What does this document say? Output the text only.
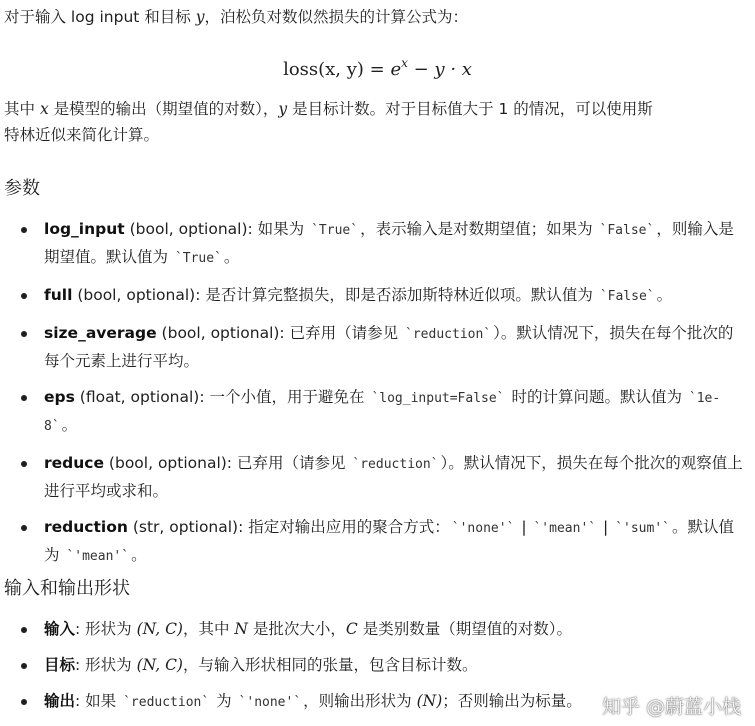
对于输入 log input 和目标 y，泊松负对数似然损失的计算公式为：

loss(x, $y) = e^x - y \cdot x$

其中 x 是模型的输出（期望值的对数），y 是目标计数。对于目标值大于 1 的情况，可以使用斯

特林近似来简化计算。

参数
log_input (bool, optional): 如果为 `True` ，表示输入是对数期望值；如果为 `False` ，则输入是期望值。默认值为 `True` 。
full (bool, optional): 是否计算完整损失，即是否添加斯特林近似项。默认值为 `False` 。
size_average (bool, optional): 已弃用（请参见 `reduction` ）。默认情况下，损失在每个批次的每个元素上进行平均。
eps (float, optional): 一个小值，用于避免在 `log_input=False` 时的计算问题。默认值为 `1e-8` 。
reduce (bool, optional): 已弃用（请参见 `reduction` ）。默认情况下，损失在每个批次的观察值上进行平均或求和。
reduction (str, optional): 指定对输出应用的聚合方式： `'none'` | `'mean'` | `'sum'` 。默认值为 `'mean'` 。
输入和输出形状
输入: 形状为 (N, C)，其中 N 是批次大小，C 是类别数量（期望值的对数）。
目标: 形状为 (N, C)，与输入形状相同的张量，包含目标计数。
输出: 如果 `reduction` 为 `'none'` ，则输出形状为 (N)；否则输出为标量。	知乎 @蔚蓝小栈
